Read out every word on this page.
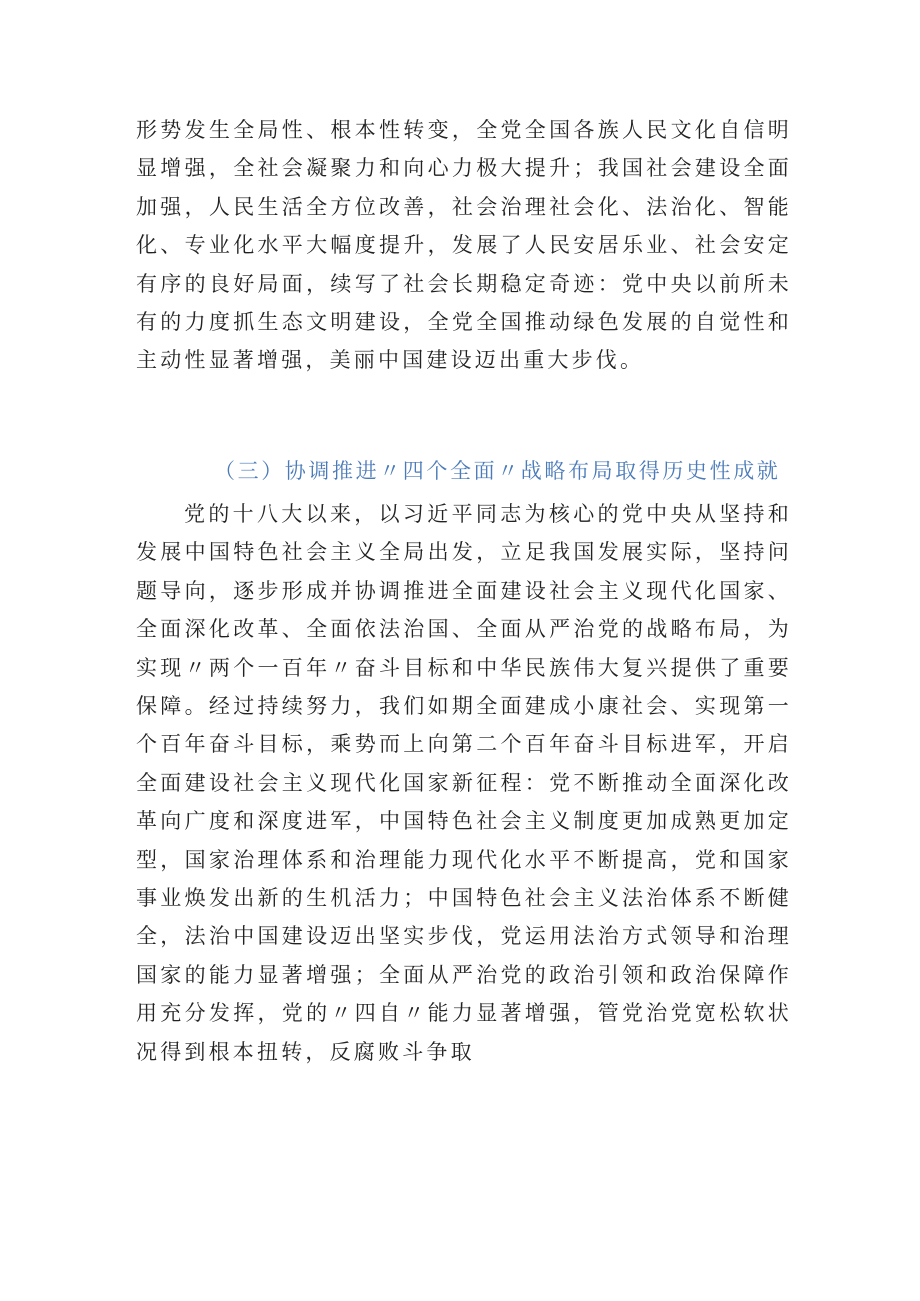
形势发生全局性、根本性转变，全党全国各族人民文化自信明显增强，全社会凝聚力和向心力极大提升；我国社会建设全面加强，人民生活全方位改善，社会治理社会化、法治化、智能化、专业化水平大幅度提升，发展了人民安居乐业、社会安定有序的良好局面，续写了社会长期稳定奇迹：党中央以前所未有的力度抓生态文明建设，全党全国推动绿色发展的自觉性和主动性显著增强，美丽中国建设迈出重大步伐。

（三）协调推进〃四个全面〃战略布局取得历史性成就

党的十八大以来，以习近平同志为核心的党中央从坚持和发展中国特色社会主义全局出发，立足我国发展实际，坚持问题导向，逐步形成并协调推进全面建设社会主义现代化国家、全面深化改革、全面依法治国、全面从严治党的战略布局，为实现〃两个一百年〃奋斗目标和中华民族伟大复兴提供了重要保障。经过持续努力，我们如期全面建成小康社会、实现第一个百年奋斗目标，乘势而上向第二个百年奋斗目标进军，开启全面建设社会主义现代化国家新征程：党不断推动全面深化改革向广度和深度进军，中国特色社会主义制度更加成熟更加定型，国家治理体系和治理能力现代化水平不断提高，党和国家事业焕发出新的生机活力；中国特色社会主义法治体系不断健全，法治中国建设迈出坚实步伐，党运用法治方式领导和治理国家的能力显著增强；全面从严治党的政治引领和政治保障作用充分发挥，党的〃四自〃能力显著增强，管党治党宽松软状况得到根本扭转，反腐败斗争取
